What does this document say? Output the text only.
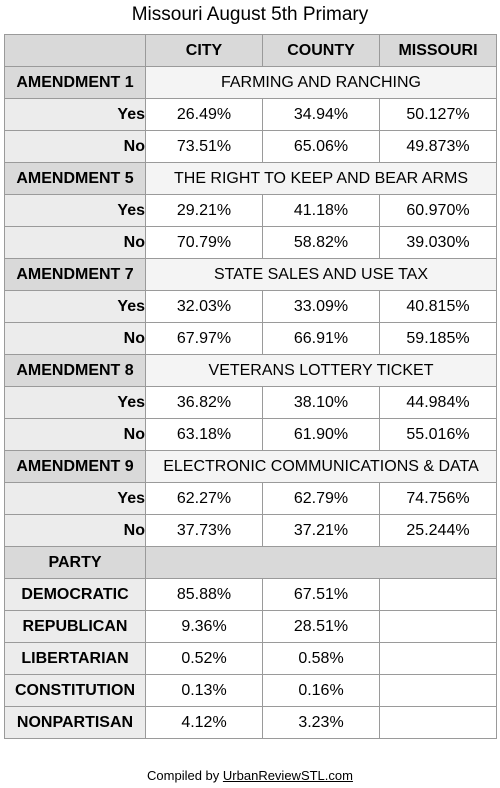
Missouri August 5th Primary
	CITY	COUNTY	MISSOURI
AMENDMENT 1	FARMING AND RANCHING		
Yes	26.49%	34.94%	50.127%
No	73.51%	65.06%	49.873%
AMENDMENT 5	THE RIGHT TO KEEP AND BEAR ARMS		
Yes	29.21%	41.18%	60.970%
No	70.79%	58.82%	39.030%
AMENDMENT 7	STATE SALES AND USE TAX		
Yes	32.03%	33.09%	40.815%
No	67.97%	66.91%	59.185%
AMENDMENT 8	VETERANS LOTTERY TICKET		
Yes	36.82%	38.10%	44.984%
No	63.18%	61.90%	55.016%
AMENDMENT 9	ELECTRONIC COMMUNICATIONS & DATA		
Yes	62.27%	62.79%	74.756%
No	37.73%	37.21%	25.244%
PARTY			
DEMOCRATIC	85.88%	67.51%	
REPUBLICAN	9.36%	28.51%	
LIBERTARIAN	0.52%	0.58%	
CONSTITUTION	0.13%	0.16%	
NONPARTISAN	4.12%	3.23%	
Compiled by UrbanReviewSTL.com
